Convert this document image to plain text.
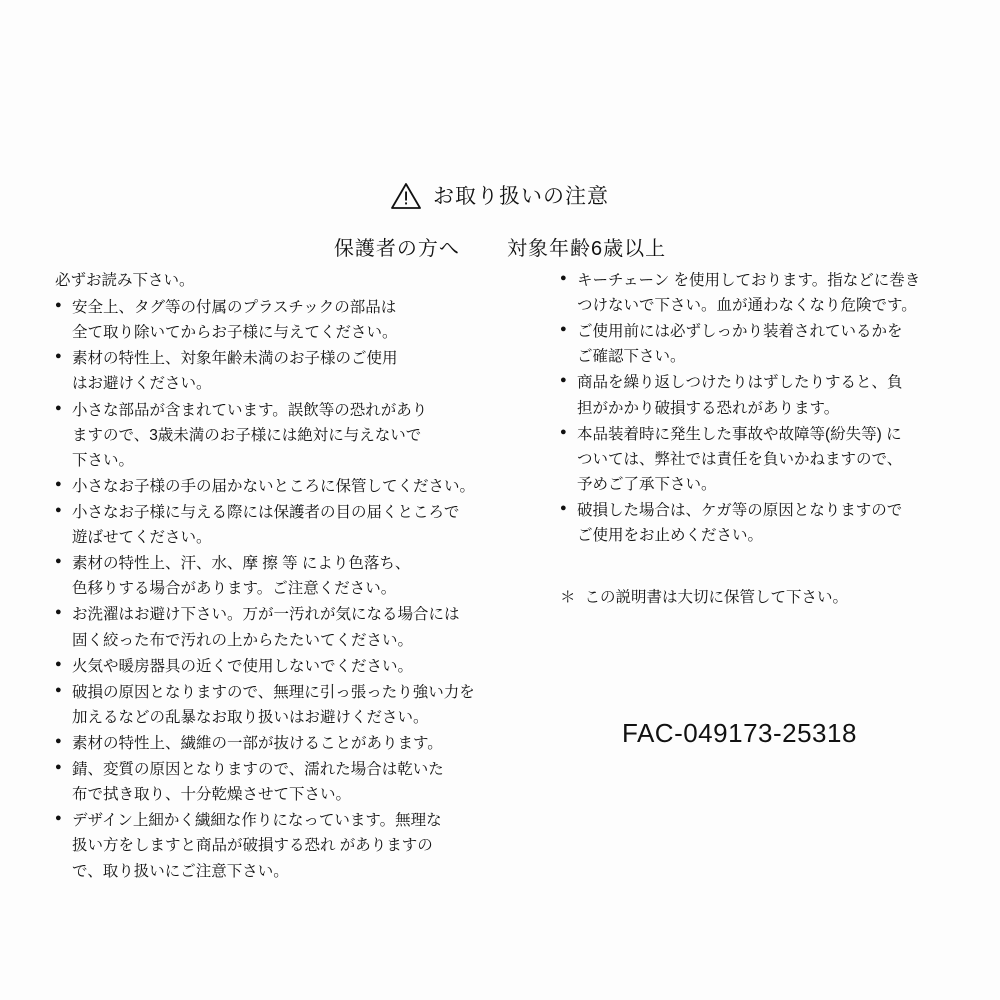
お取り扱いの注意
保護者の方へ 対象年齢6歳以上

必ずお読み下さい。

● 安全上、タグ等の付属のプラスチックの部品は
全て取り除いてからお子様に与えてください。
● 素材の特性上、対象年齢未満のお子様のご使用
はお避けください。
● 小さな部品が含まれています。誤飲等の恐れがあり
ますので、3歳未満のお子様には絶対に与えないで
下さい。
● 小さなお子様の手の届かないところに保管してください。
● 小さなお子様に与える際には保護者の目の届くところで
遊ばせてください。
● 素材の特性上、汗、水、摩 擦 等 により色落ち、
色移りする場合があります。ご注意ください。
● お洗濯はお避け下さい。万が一汚れが気になる場合には
固く絞った布で汚れの上からたたいてください。
● 火気や暖房器具の近くで使用しないでください。
● 破損の原因となりますので、無理に引っ張ったり強い力を
加えるなどの乱暴なお取り扱いはお避けください。
● 素材の特性上、繊維の一部が抜けることがあります。
● 錆、変質の原因となりますので、濡れた場合は乾いた
布で拭き取り、十分乾燥させて下さい。
● デザイン上細かく繊細な作りになっています。無理な
扱い方をしますと商品が破損する恐れ がありますの
で、取り扱いにご注意下さい。
● キーチェーン を使用しております。指などに巻き
つけないで下さい。血が通わなくなり危険です。
● ご使用前には必ずしっかり装着されているかを
ご確認下さい。
● 商品を繰り返しつけたりはずしたりすると、負
担がかかり破損する恐れがあります。
● 本品装着時に発生した事故や故障等(紛失等) に
ついては、弊社では責任を負いかねますので、
予めご了承下さい。
● 破損した場合は、ケガ等の原因となりますので
ご使用をお止めください。
＊ この説明書は大切に保管して下さい。
FAC-049173-25318
